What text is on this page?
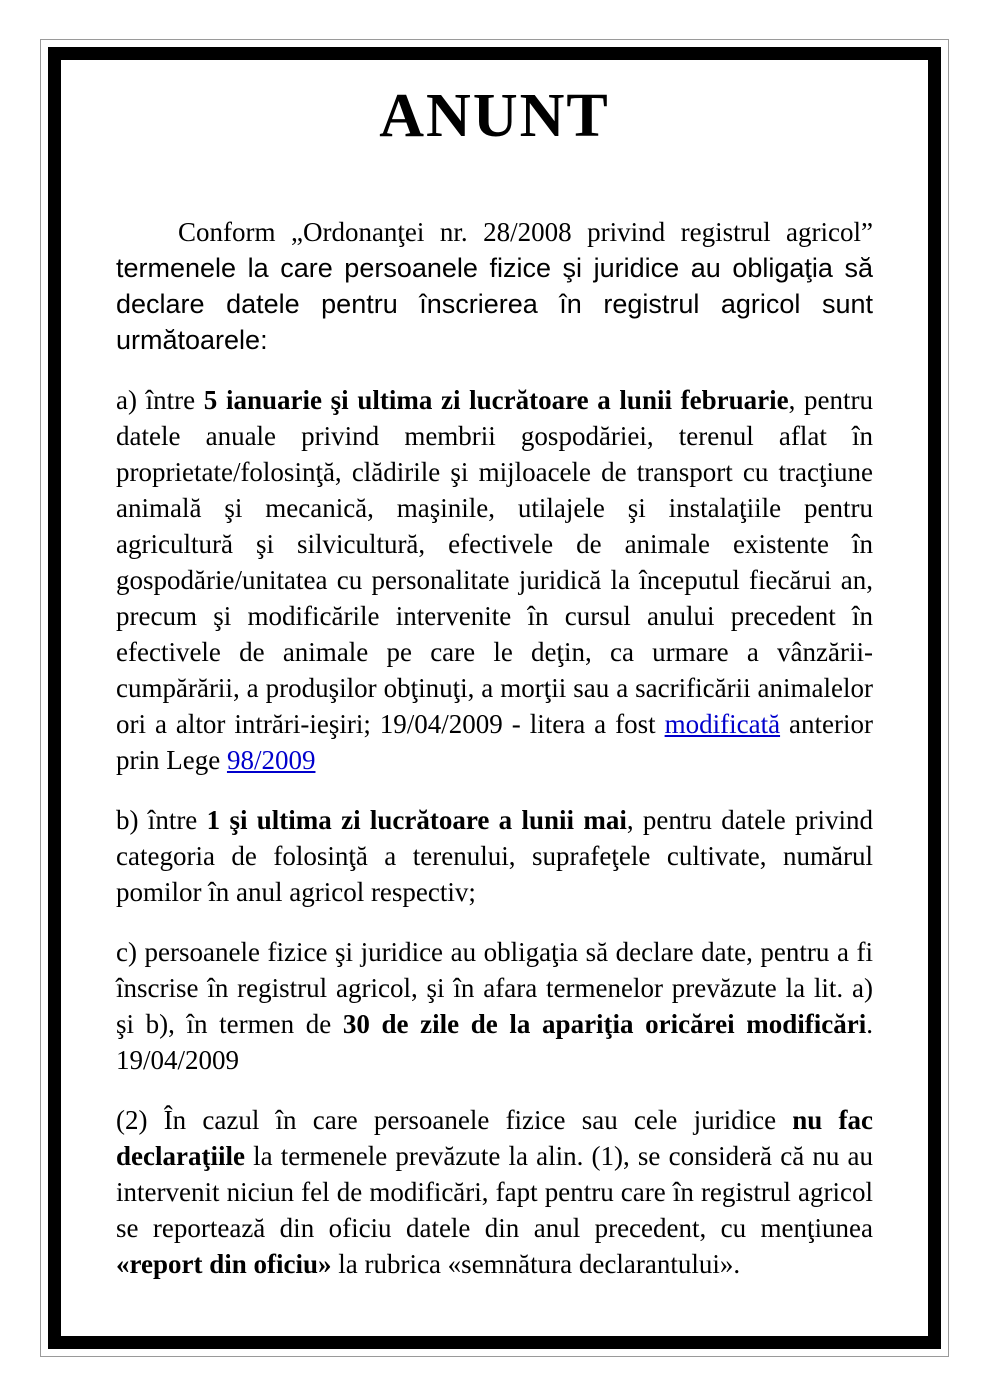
ANUNT

Conform „Ordonanţei nr. 28/2008 privind registrul agricol” termenele la care persoanele fizice şi juridice au obligaţia să declare datele pentru înscrierea în registrul agricol sunt următoarele:

a) între 5 ianuarie şi ultima zi lucrătoare a lunii februarie, pentru datele anuale privind membrii gospodăriei, terenul aflat în proprietate/folosinţă, clădirile şi mijloacele de transport cu tracţiune animală şi mecanică, maşinile, utilajele şi instalaţiile pentru agricultură şi silvicultură, efectivele de animale existente în gospodărie/unitatea cu personalitate juridică la începutul fiecărui an, precum şi modificările intervenite în cursul anului precedent în efectivele de animale pe care le deţin, ca urmare a vânzării-cumpărării, a produşilor obţinuţi, a morţii sau a sacrificării animalelor ori a altor intrări-ieşiri; 19/04/2009 - litera a fost modificată anterior prin Lege 98/2009

b) între 1 şi ultima zi lucrătoare a lunii mai, pentru datele privind categoria de folosinţă a terenului, suprafeţele cultivate, numărul pomilor în anul agricol respectiv;

c) persoanele fizice şi juridice au obligaţia să declare date, pentru a fi înscrise în registrul agricol, şi în afara termenelor prevăzute la lit. a) şi b), în termen de 30 de zile de la apariţia oricărei modificări. 19/04/2009

(2) În cazul în care persoanele fizice sau cele juridice nu fac declaraţiile la termenele prevăzute la alin. (1), se consideră că nu au intervenit niciun fel de modificări, fapt pentru care în registrul agricol se reportează din oficiu datele din anul precedent, cu menţiunea «report din oficiu» la rubrica «semnătura declarantului».
